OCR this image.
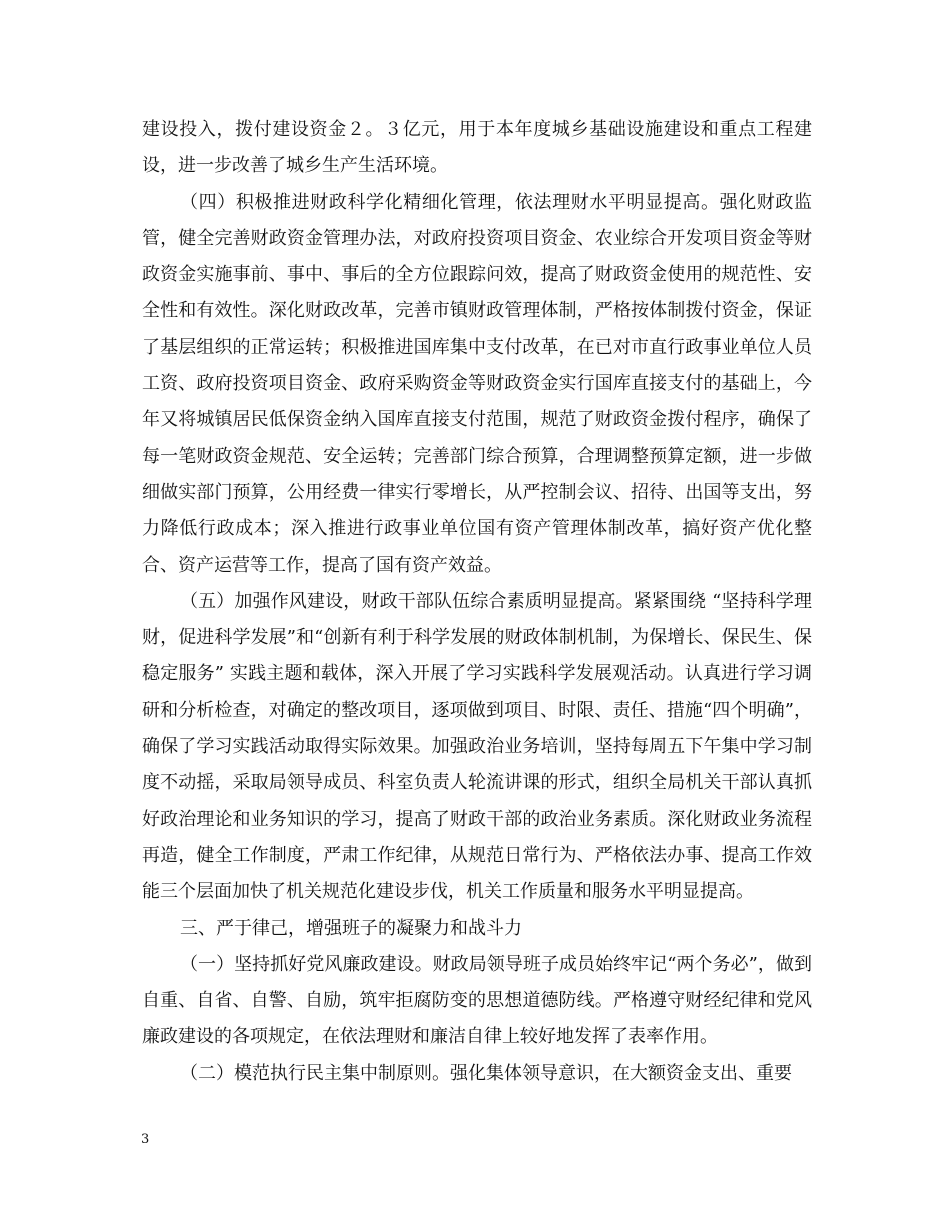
建设投入，拨付建设资金２。３亿元，用于本年度城乡基础设施建设和重点工程建设，进一步改善了城乡生产生活环境。

（四）积极推进财政科学化精细化管理，依法理财水平明显提高。强化财政监管，健全完善财政资金管理办法，对政府投资项目资金、农业综合开发项目资金等财政资金实施事前、事中、事后的全方位跟踪问效，提高了财政资金使用的规范性、安全性和有效性。深化财政改革，完善市镇财政管理体制，严格按体制拨付资金，保证了基层组织的正常运转；积极推进国库集中支付改革，在已对市直行政事业单位人员工资、政府投资项目资金、政府采购资金等财政资金实行国库直接支付的基础上，今年又将城镇居民低保资金纳入国库直接支付范围，规范了财政资金拨付程序，确保了每一笔财政资金规范、安全运转；完善部门综合预算，合理调整预算定额，进一步做细做实部门预算，公用经费一律实行零增长，从严控制会议、招待、出国等支出，努力降低行政成本；深入推进行政事业单位国有资产管理体制改革，搞好资产优化整合、资产运营等工作，提高了国有资产效益。

（五）加强作风建设，财政干部队伍综合素质明显提高。紧紧围绕 “坚持科学理财，促进科学发展”和“创新有利于科学发展的财政体制机制，为保增长、保民生、保稳定服务” 实践主题和载体，深入开展了学习实践科学发展观活动。认真进行学习调研和分析检查，对确定的整改项目，逐项做到项目、时限、责任、措施“四个明确”，确保了学习实践活动取得实际效果。加强政治业务培训，坚持每周五下午集中学习制度不动摇，采取局领导成员、科室负责人轮流讲课的形式，组织全局机关干部认真抓好政治理论和业务知识的学习，提高了财政干部的政治业务素质。深化财政业务流程再造，健全工作制度，严肃工作纪律，从规范日常行为、严格依法办事、提高工作效能三个层面加快了机关规范化建设步伐，机关工作质量和服务水平明显提高。

三、严于律己，增强班子的凝聚力和战斗力

（一）坚持抓好党风廉政建设。财政局领导班子成员始终牢记“两个务必”，做到自重、自省、自警、自励，筑牢拒腐防变的思想道德防线。严格遵守财经纪律和党风廉政建设的各项规定，在依法理财和廉洁自律上较好地发挥了表率作用。

（二）模范执行民主集中制原则。强化集体领导意识，在大额资金支出、重要

3
